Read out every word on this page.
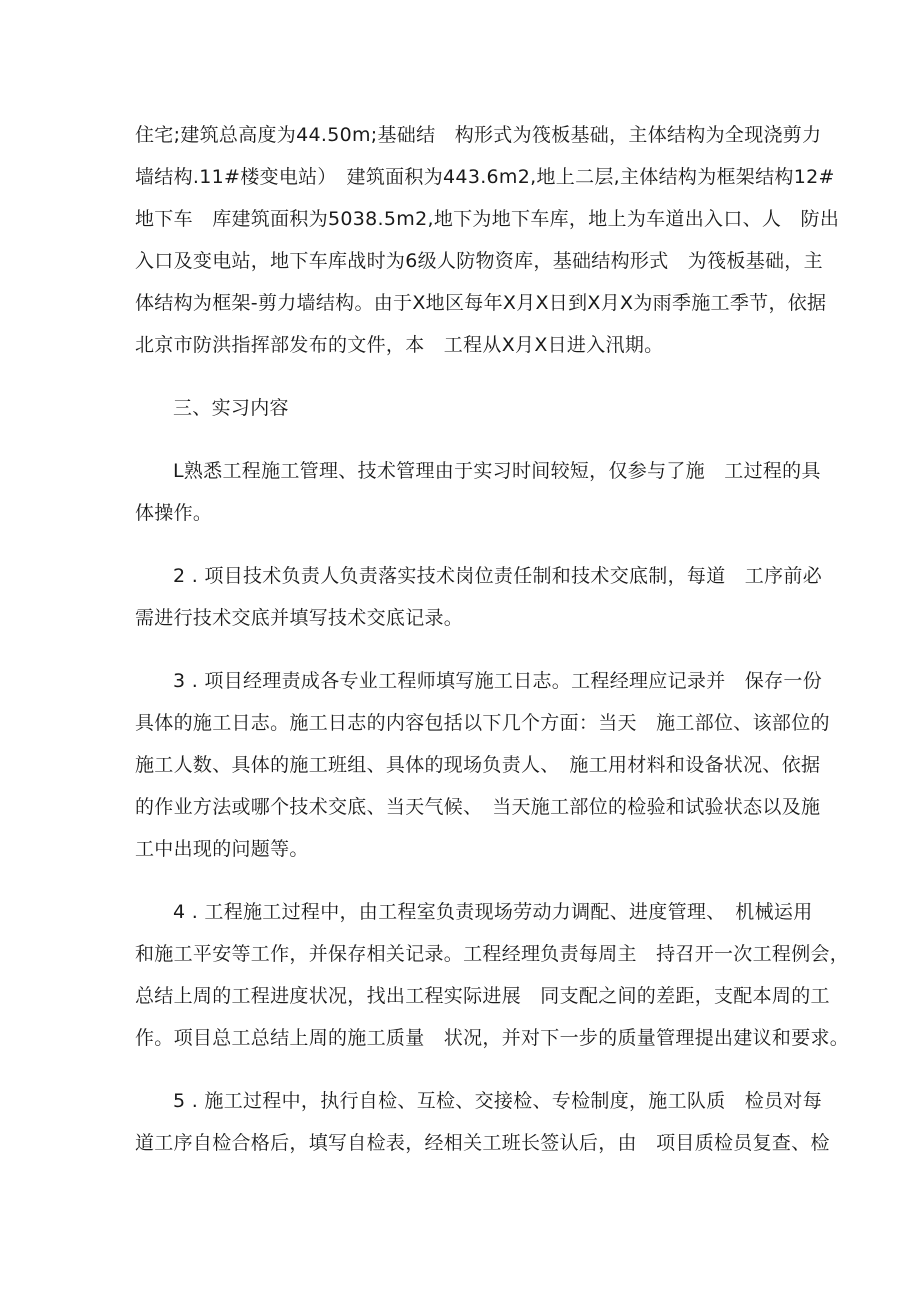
住宅;建筑总高度为44.50m;基础结　构形式为筏板基础，主体结构为全现浇剪力
墙结构.11#楼变电站）　建筑面积为443.6m2,地上二层,主体结构为框架结构12#
地下车　库建筑面积为5038.5m2,地下为地下车库，地上为车道出入口、人　防出
入口及变电站，地下车库战时为6级人防物资库，基础结构形式　为筏板基础，主
体结构为框架-剪力墙结构。由于X地区每年X月X日到X月X为雨季施工季节，依据
北京市防洪指挥部发布的文件，本　工程从X月X日进入汛期。
三、实习内容
L熟悉工程施工管理、技术管理由于实习时间较短，仅参与了施　工过程的具
体操作。
2 . 项目技术负责人负责落实技术岗位责任制和技术交底制，每道　工序前必
需进行技术交底并填写技术交底记录。
3 . 项目经理责成各专业工程师填写施工日志。工程经理应记录并　保存一份
具体的施工日志。施工日志的内容包括以下几个方面：当天　施工部位、该部位的
施工人数、具体的施工班组、具体的现场负责人、　施工用材料和设备状况、依据
的作业方法或哪个技术交底、当天气候、　当天施工部位的检验和试验状态以及施
工中出现的问题等。
4 . 工程施工过程中，由工程室负责现场劳动力调配、进度管理、　机械运用
和施工平安等工作，并保存相关记录。工程经理负责每周主　持召开一次工程例会，
总结上周的工程进度状况，找出工程实际进展　同支配之间的差距，支配本周的工
作。项目总工总结上周的施工质量　状况，并对下一步的质量管理提出建议和要求。
5 . 施工过程中，执行自检、互检、交接检、专检制度，施工队质　检员对每
道工序自检合格后，填写自检表，经相关工班长签认后，由　项目质检员复查、检
